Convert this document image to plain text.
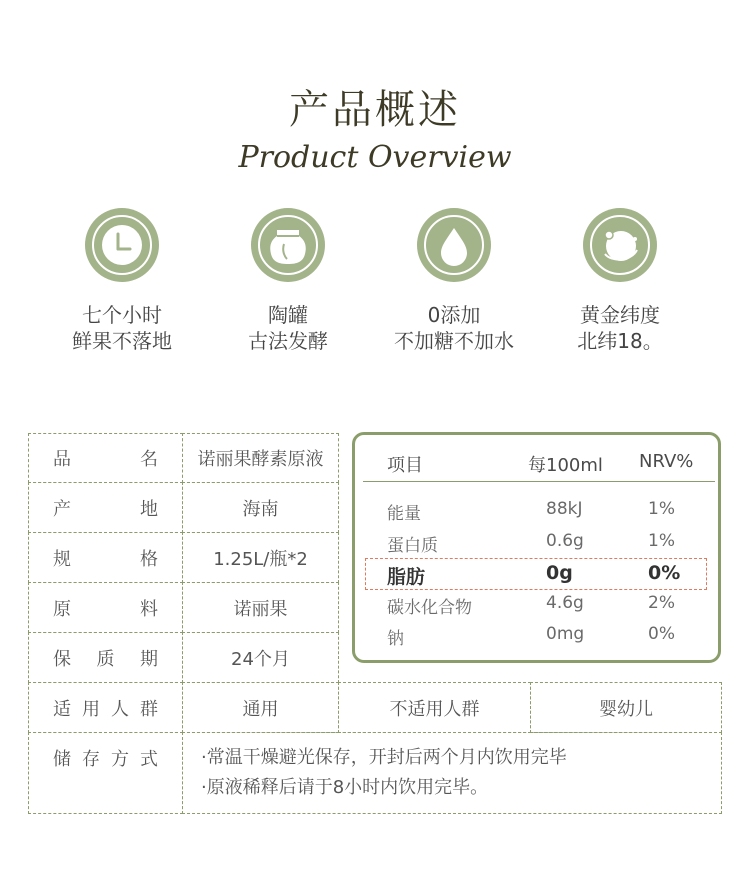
产品概述
Product Overview
七个小时
鲜果不落地
陶罐
古法发酵
0添加
不加糖不加水
黄金纬度
北纬18。
品	名	诺丽果酵素原液
产	地	海南
规	格	1.25L/瓶*2
原	料	诺丽果
保 质 期	24个月
适 用 人 群	通用	不适用人群	婴幼儿
储 存 方 式 ·常温干燥避光保存，开封后两个月内饮用完毕
·原液稀释后请于8小时内饮用完毕。
项目	每100ml NRV%
能量	88kJ	1%
蛋白质	0.6g	1%
脂肪	0g	0%
碳水化合物	4.6g	2%
钠	0mg	0%
